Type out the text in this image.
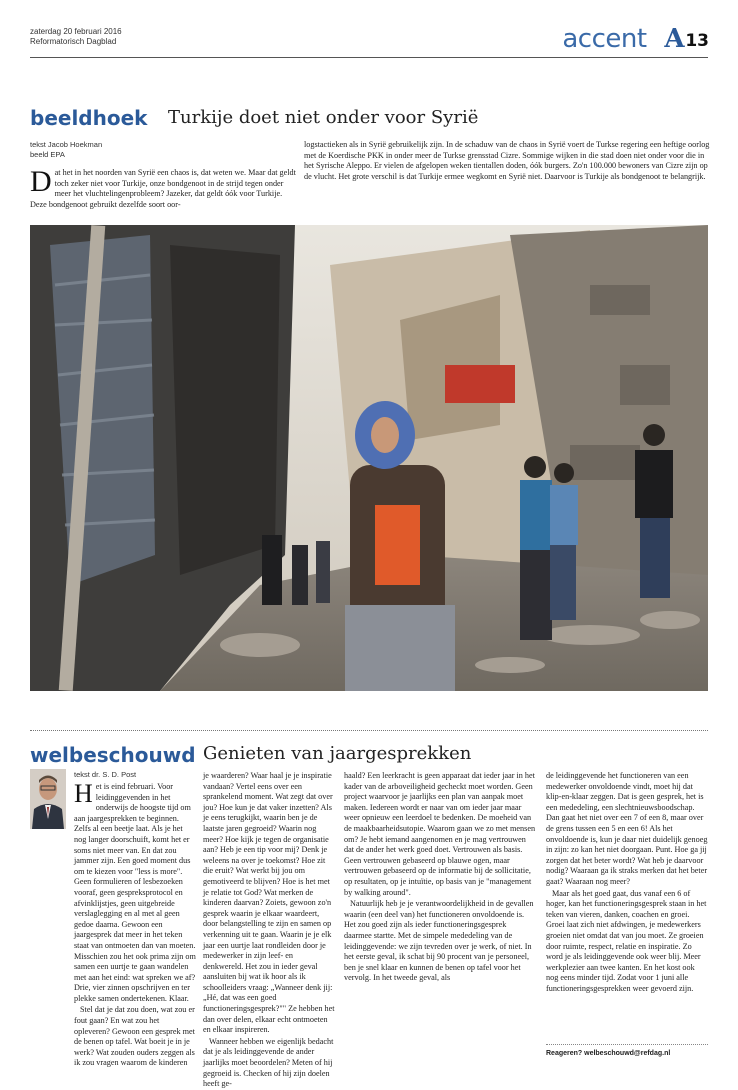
zaterdag 20 februari 2016
Reformatorisch Dagblad	accent A 13
beeldhoek Turkije doet niet onder voor Syrië
tekst Jacob Hoekman
beeld EPA
Dat het in het noorden van Syrië een chaos is, dat weten we. Maar dat geldt toch zeker niet voor Turkije, onze bondgenoot in de strijd tegen onder meer het vluchtelingenprobleem? Jazeker, dat geldt óók voor Turkije. Deze bondgenoot gebruikt dezelfde soort oor-
logstactieken als in Syrië gebruikelijk zijn. In de schaduw van de chaos in Syrië voert de Turkse regering een heftige oorlog met de Koerdische PKK in onder meer de Turkse grensstad Cizre. Sommige wijken in die stad doen niet onder voor die in het Syrische Aleppo. Er vielen de afgelopen weken tientallen doden, óók burgers. Zo'n 100.000 bewoners van Cizre zijn op de vlucht. Het grote verschil is dat Turkije ermee wegkomt en Syrië niet. Daarvoor is Turkije als bondgenoot te belangrijk.
welbeschouwd Genieten van jaargesprekken
tekst dr. S. D. Post

Het is eind februari. Voor leidinggevenden in het onderwijs de hoogste tijd om aan jaargesprekken te beginnen. Zelfs al een beetje laat. Als je het nog langer doorschuift, komt het er soms niet meer van. En dat zou jammer zijn. Een goed moment dus om te kiezen voor "less is more". Geen formulieren of lesbezoeken vooraf, geen gespreksprotocol en afvinklijstjes, geen uitgebreide verslaglegging en al met al geen gedoe daarna. Gewoon een jaargesprek dat meer in het teken staat van ontmoeten dan van moeten. Misschien zou het ook prima zijn om samen een uurtje te gaan wandelen met aan het eind: wat spreken we af? Drie, vier zinnen opschrijven en ter plekke samen ondertekenen. Klaar.

Stel dat je dat zou doen, wat zou er fout gaan? En wat zou het opleveren? Gewoon een gesprek met de benen op tafel. Wat boeit je in je werk? Wat zouden ouders zeggen als ik zou vragen waarom de kinderen

je waarderen? Waar haal je je inspiratie vandaan? Vertel eens over een sprankelend moment. Wat zegt dat over jou? Hoe kun je dat vaker inzetten? Als je eens terugkijkt, waarin ben je de laatste jaren gegroeid? Waarin nog meer? Hoe kijk je tegen de organisatie aan? Heb je een tip voor mij? Denk je weleens na over je toekomst? Hoe zit die eruit? Wat werkt bij jou om gemotiveerd te blijven? Hoe is het met je relatie tot God? Wat merken de kinderen daarvan? Zoiets, gewoon zo'n gesprek waarin je elkaar waardeert, door belangstelling te zijn en samen op verkenning uit te gaan. Waarin je je elk jaar een uurtje laat rondleiden door je medewerker in zijn leef- en denkwereld. Het zou in ieder geval aansluiten bij wat ik hoor als ik schoolleiders vraag: „Wanneer denk jij: „Hé, dat was een goed functioneringsgesprek?"" Ze hebben het dan over delen, elkaar echt ontmoeten en elkaar inspireren.

Wanneer hebben we eigenlijk bedacht dat je als leidinggevende de ander jaarlijks moet beoordelen? Meten of hij gegroeid is. Checken of hij zijn doelen heeft ge-

haald? Een leerkracht is geen apparaat dat ieder jaar in het kader van de arboveiligheid gecheckt moet worden. Geen project waarvoor je jaarlijks een plan van aanpak moet maken. Iedereen wordt er naar van om ieder jaar maar weer opnieuw een leerdoel te bedenken. De moeheid van de maakbaarheidsutopie. Waarom gaan we zo met mensen om? Je hebt iemand aangenomen en je mag vertrouwen dat de ander het werk goed doet. Vertrouwen als basis. Geen vertrouwen gebaseerd op blauwe ogen, maar vertrouwen gebaseerd op de informatie bij de sollicitatie, op resultaten, op je intuïtie, op basis van je "management by walking around".

Natuurlijk heb je je verantwoordelijkheid in de gevallen waarin (een deel van) het functioneren onvoldoende is. Het zou goed zijn als ieder functioneringsgesprek daarmee startte. Met de simpele mededeling van de leidinggevende: we zijn tevreden over je werk, of niet. In het eerste geval, ik schat bij 90 procent van je personeel, ben je snel klaar en kunnen de benen op tafel voor het vervolg. In het tweede geval, als

de leidinggevende het functioneren van een medewerker onvoldoende vindt, moet hij dat klip-en-klaar zeggen. Dat is geen gesprek, het is een mededeling, een slechtnieuwsboodschap. Dan gaat het niet over een 7 of een 8, maar over de grens tussen een 5 en een 6! Als het onvoldoende is, kun je daar niet duidelijk genoeg in zijn: zo kan het niet doorgaan. Punt. Hoe ga jij zorgen dat het beter wordt? Wat heb je daarvoor nodig? Waaraan ga ik straks merken dat het beter gaat? Waaraan nog meer?

Maar als het goed gaat, dus vanaf een 6 of hoger, kan het functioneringsgesprek staan in het teken van vieren, danken, coachen en groei. Groei laat zich niet afdwingen, je medewerkers groeien niet omdat dat van jou moet. Ze groeien door ruimte, respect, relatie en inspiratie. Zo word je als leidinggevende ook weer blij. Meer werkplezier aan twee kanten. En het kost ook nog eens minder tijd. Zodat voor 1 juni alle functioneringsgesprekken weer gevoerd zijn.

Reageren? welbeschouwd@refdag.nl
